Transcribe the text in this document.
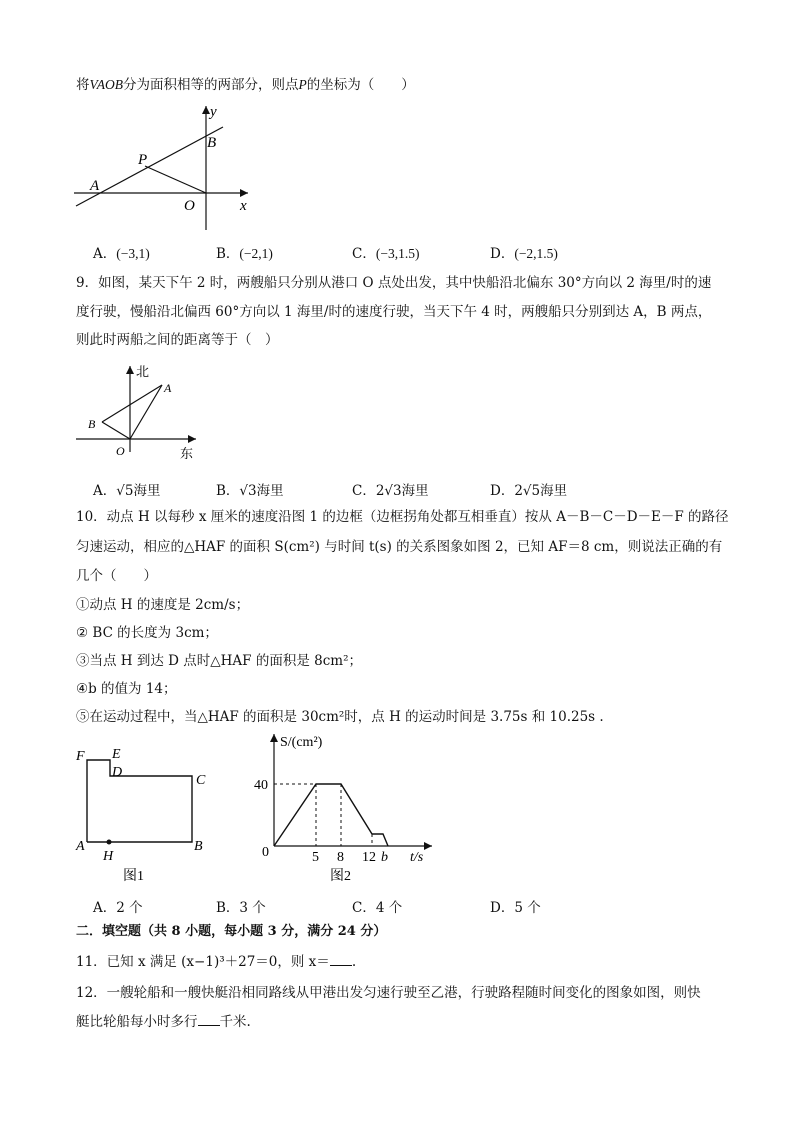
将VAOB分为面积相等的两部分，则点P的坐标为（　　）
y
x
B
P
A
O
A．(−3,1)	B．(−2,1)	C．(−3,1.5)	D．(−2,1.5)
9．如图，某天下午 2 时，两艘船只分别从港口 O 点处出发，其中快船沿北偏东 30°方向以 2 海里/时的速
度行驶，慢船沿北偏西 60°方向以 1 海里/时的速度行驶，当天下午 4 时，两艘船只分别到达 A，B 两点，
则此时两船之间的距离等于（　）
北
A
B
O	东
A．√5海里	B．√3海里	C．2√3海里	D．2√5海里
10．动点 H 以每秒 x 厘米的速度沿图 1 的边框（边框拐角处都互相垂直）按从 A－B－C－D－E－F 的路径
匀速运动，相应的△HAF 的面积 S(cm²) 与时间 t(s) 的关系图象如图 2，已知 AF＝8 cm，则说法正确的有
几个（　　）
①动点 H 的速度是 2cm/s；
② BC 的长度为 3cm；
③当点 H 到达 D 点时△HAF 的面积是 8cm²；
④b 的值为 14；
⑤在运动过程中，当△HAF 的面积是 30cm²时，点 H 的运动时间是 3.75s 和 10.25s .
F E
D
C
A
H
B
图1
S/(cm²)
40
0	5 8 12 b t/s
图2
A．2 个	B．3 个	C．4 个	D．5 个
二．填空题（共 8 小题，每小题 3 分，满分 24 分）
11．已知 x 满足 (x−1)³＋27＝0，则 x＝ .
12．一艘轮船和一艘快艇沿相同路线从甲港出发匀速行驶至乙港，行驶路程随时间变化的图象如图，则快
艇比轮船每小时多行 千米.
